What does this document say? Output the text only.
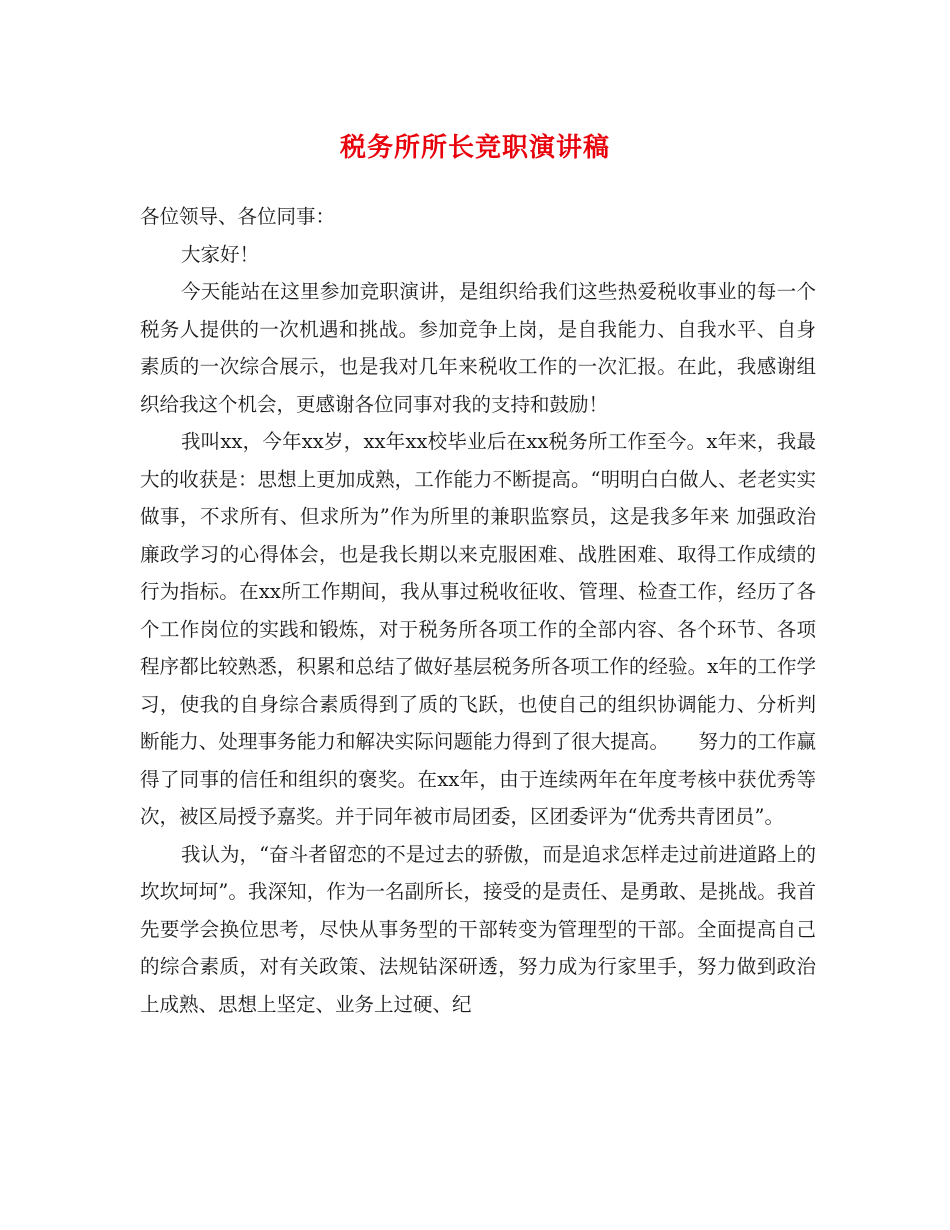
税务所所长竞职演讲稿

各位领导、各位同事：

大家好！

今天能站在这里参加竞职演讲，是组织给我们这些热爱税收事业的每一个税务人提供的一次机遇和挑战。参加竞争上岗，是自我能力、自我水平、自身素质的一次综合展示，也是我对几年来税收工作的一次汇报。在此，我感谢组织给我这个机会，更感谢各位同事对我的支持和鼓励！

我叫xx，今年xx岁，xx年xx校毕业后在xx税务所工作至今。x年来，我最大的收获是：思想上更加成熟，工作能力不断提高。“明明白白做人、老老实实做事，不求所有、但求所为”作为所里的兼职监察员，这是我多年来 加强政治廉政学习的心得体会，也是我长期以来克服困难、战胜困难、取得工作成绩的行为指标。在xx所工作期间，我从事过税收征收、管理、检查工作，经历了各个工作岗位的实践和锻炼，对于税务所各项工作的全部内容、各个环节、各项程序都比较熟悉，积累和总结了做好基层税务所各项工作的经验。x年的工作学习，使我的自身综合素质得到了质的飞跃，也使自己的组织协调能力、分析判断能力、处理事务能力和解决实际问题能力得到了很大提高。　　努力的工作赢得了同事的信任和组织的褒奖。在xx年，由于连续两年在年度考核中获优秀等次，被区局授予嘉奖。并于同年被市局团委，区团委评为“优秀共青团员”。

我认为，“奋斗者留恋的不是过去的骄傲，而是追求怎样走过前进道路上的坎坎坷坷”。我深知，作为一名副所长，接受的是责任、是勇敢、是挑战。我首先要学会换位思考，尽快从事务型的干部转变为管理型的干部。全面提高自己的综合素质，对有关政策、法规钻深研透，努力成为行家里手，努力做到政治上成熟、思想上坚定、业务上过硬、纪
